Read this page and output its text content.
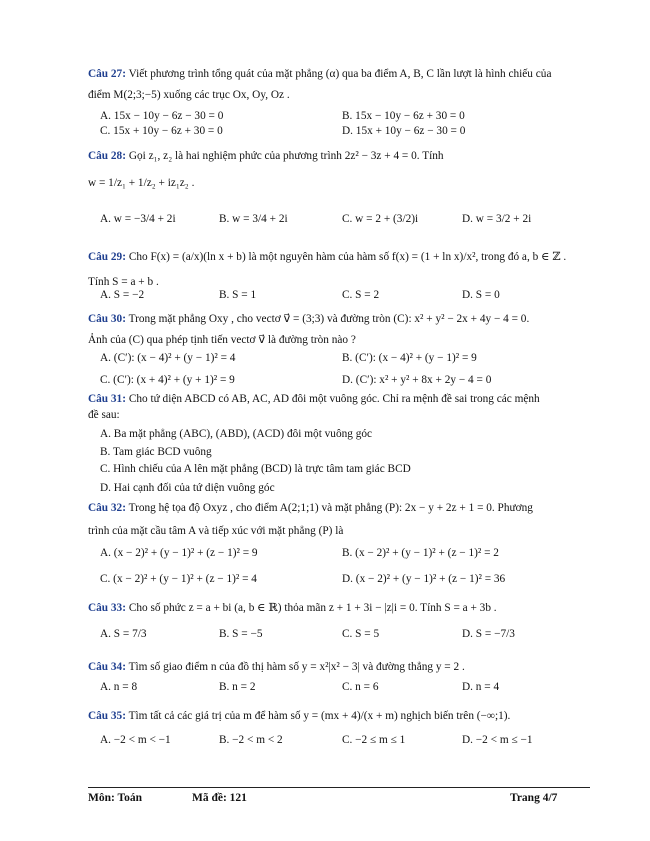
Câu 27: Viết phương trình tổng quát của mặt phẳng (α) qua ba điểm A, B, C lần lượt là hình chiếu của
điểm M(2;3;−5) xuống các trục Ox, Oy, Oz .
A. 15x − 10y − 6z − 30 = 0	B. 15x − 10y − 6z + 30 = 0
C. 15x + 10y − 6z + 30 = 0	D. 15x + 10y − 6z − 30 = 0
Câu 28: Gọi z₁, z₂ là hai nghiệm phức của phương trình 2z² − 3z + 4 = 0. Tính
w = 1/z₁ + 1/z₂ + iz₁z₂ .
A. w = −3/4 + 2i	B. w = 3/4 + 2i	C. w = 2 + (3/2)i	D. w = 3/2 + 2i
Câu 29: Cho F(x) = (a/x)(ln x + b) là một nguyên hàm của hàm số f(x) = (1 + ln x)/x², trong đó a, b ∈ ℤ .
Tính S = a + b .
A. S = −2	B. S = 1	C. S = 2	D. S = 0
Câu 30: Trong mặt phẳng Oxy , cho vectơ v⃗ = (3;3) và đường tròn (C): x² + y² − 2x + 4y − 4 = 0.
Ảnh của (C) qua phép tịnh tiến vectơ v⃗ là đường tròn nào ?
A. (C′): (x − 4)² + (y − 1)² = 4	B. (C′): (x − 4)² + (y − 1)² = 9
C. (C′): (x + 4)² + (y + 1)² = 9	D. (C′): x² + y² + 8x + 2y − 4 = 0
Câu 31: Cho tứ diện ABCD có AB, AC, AD đôi một vuông góc. Chỉ ra mệnh đề sai trong các mệnh
đề sau:
A. Ba mặt phẳng (ABC), (ABD), (ACD) đôi một vuông góc
B. Tam giác BCD vuông
C. Hình chiếu của A lên mặt phẳng (BCD) là trực tâm tam giác BCD
D. Hai cạnh đối của tứ diện vuông góc
Câu 32: Trong hệ tọa độ Oxyz , cho điểm A(2;1;1) và mặt phẳng (P): 2x − y + 2z + 1 = 0. Phương
trình của mặt cầu tâm A và tiếp xúc với mặt phẳng (P) là
A. (x − 2)² + (y − 1)² + (z − 1)² = 9	B. (x − 2)² + (y − 1)² + (z − 1)² = 2
C. (x − 2)² + (y − 1)² + (z − 1)² = 4	D. (x − 2)² + (y − 1)² + (z − 1)² = 36
Câu 33: Cho số phức z = a + bi (a, b ∈ ℝ) thỏa mãn z + 1 + 3i − |z|i = 0. Tính S = a + 3b .
A. S = 7/3	B. S = −5	C. S = 5	D. S = −7/3
Câu 34: Tìm số giao điểm n của đồ thị hàm số y = x²|x² − 3| và đường thẳng y = 2 .
A. n = 8	B. n = 2	C. n = 6	D. n = 4
Câu 35: Tìm tất cả các giá trị của m để hàm số y = (mx + 4)/(x + m) nghịch biến trên (−∞;1).
A. −2 < m < −1	B. −2 < m < 2	C. −2 ≤ m ≤ 1	D. −2 < m ≤ −1
Môn: Toán	Mã đề: 121	Trang 4/7
